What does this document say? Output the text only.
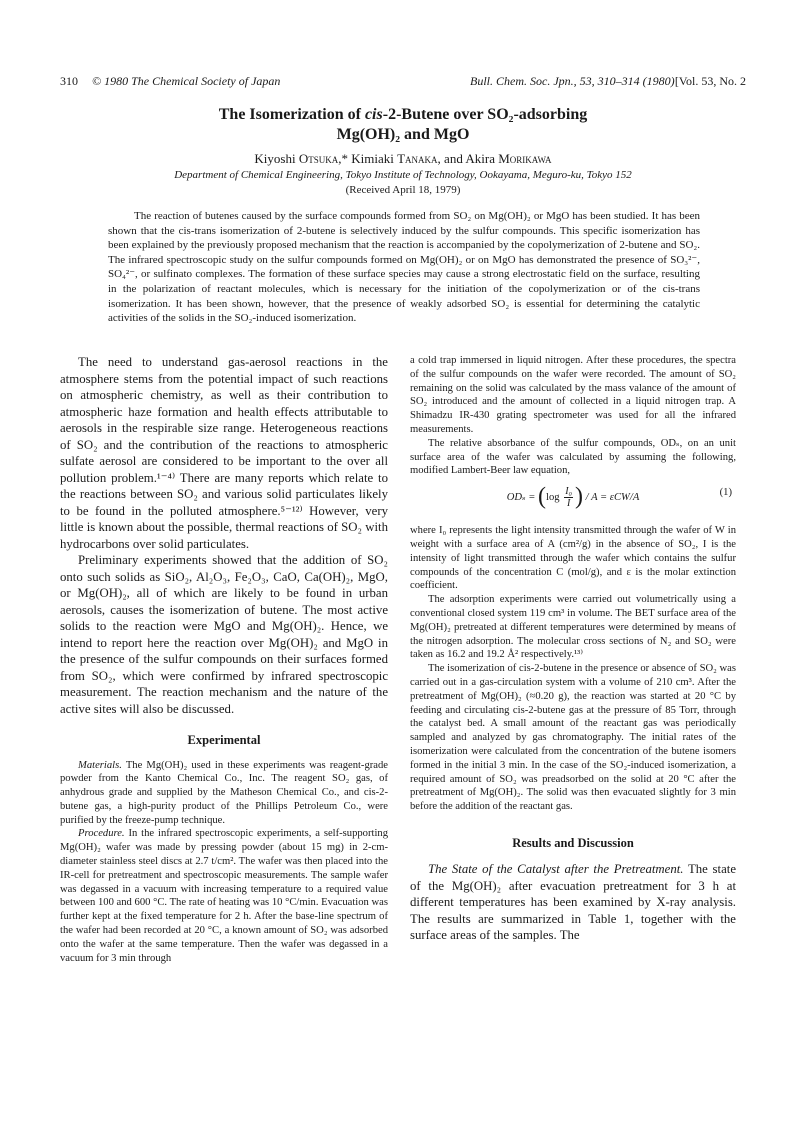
310 © 1980 The Chemical Society of Japan	Bull. Chem. Soc. Jpn., 53, 310–314 (1980) [Vol. 53, No. 2
The Isomerization of cis-2-Butene over SO₂-adsorbing
Mg(OH)₂ and MgO
Kiyoshi Otsuka,* Kimiaki Tanaka, and Akira Morikawa
Department of Chemical Engineering, Tokyo Institute of Technology, Ookayama, Meguro-ku, Tokyo 152
(Received April 18, 1979)

The reaction of butenes caused by the surface compounds formed from SO₂ on Mg(OH)₂ or MgO has been studied. It has been shown that the cis-trans isomerization of 2-butene is selectively induced by the sulfur compounds. This specific isomerization has been explained by the previously proposed mechanism that the reaction is accompanied by the copolymerization of 2-butene and SO₂. The infrared spectroscopic study on the sulfur compounds formed on Mg(OH)₂ or on MgO has demonstrated the presence of SO₃²⁻, SO₄²⁻, or sulfinato complexes. The formation of these surface species may cause a strong electrostatic field on the surface, resulting in the polarization of reactant molecules, which is necessary for the initiation of the copolymerization or of the cis-trans isomerization. It has been shown, however, that the presence of weakly adsorbed SO₂ is essential for determining the catalytic activities of the solids in the SO₂-induced isomerization.

The need to understand gas-aerosol reactions in the atmosphere stems from the potential impact of such reactions on atmospheric chemistry, as well as their contribution to atmospheric haze formation and health effects attributable to aerosols in the respirable size range. Heterogeneous reactions of SO₂ and the contribution of the reactions to atmospheric sulfate aerosol are considered to be important to the over all pollution problem.¹⁻⁴⁾ There are many reports which relate to the reactions between SO₂ and various solid particulates likely to be found in the polluted atmosphere.⁵⁻¹²⁾ However, very little is known about the possible, thermal reactions of SO₂ with hydrocarbons over solid particulates.

Preliminary experiments showed that the addition of SO₂ onto such solids as SiO₂, Al₂O₃, Fe₂O₃, CaO, Ca(OH)₂, MgO, or Mg(OH)₂, all of which are likely to be found in urban aerosols, causes the isomerization of butene. The most active solids to the reaction were MgO and Mg(OH)₂. Hence, we intend to report here the reaction over Mg(OH)₂ and MgO in the presence of the sulfur compounds on their surfaces formed from SO₂, which were confirmed by infrared spectroscopic measurement. The reaction mechanism and the nature of the active sites will also be discussed.

Experimental

Materials. The Mg(OH)₂ used in these experiments was reagent-grade powder from the Kanto Chemical Co., Inc. The reagent SO₂ gas, of anhydrous grade and supplied by the Matheson Chemical Co., and cis-2-butene gas, a high-purity product of the Phillips Petroleum Co., were purified by the freeze-pump technique.

Procedure. In the infrared spectroscopic experiments, a self-supporting Mg(OH)₂ wafer was made by pressing powder (about 15 mg) in 2-cm-diameter stainless steel discs at 2.7 t/cm². The wafer was then placed into the IR-cell for pretreatment and spectroscopic measurements. The sample wafer was degassed in a vacuum with increasing temperature to a required value between 100 and 600 °C. The rate of heating was 10 °C/min. Evacuation was further kept at the fixed temperature for 2 h. After the base-line spectrum of the wafer had been recorded at 20 °C, a known amount of SO₂ was adsorbed onto the wafer at the same temperature. Then the wafer was degassed in a vacuum for 3 min through

a cold trap immersed in liquid nitrogen. After these procedures, the spectra of the sulfur compounds on the wafer were recorded. The amount of SO₂ remaining on the solid was calculated by the mass valance of the amount of SO₂ introduced and the amount of collected in a liquid nitrogen trap. A Shimadzu IR-430 grating spectrometer was used for all the infrared measurements.

The relative absorbance of the sulfur compounds, ODₛ, on an unit surface area of the wafer was calculated by assuming the following, modified Lambert-Beer law equation,

$OD_s = (\log \frac{\text{I₀}}{I}$ ) / A = εCW/A	(1)

where I₀ represents the light intensity transmitted through the wafer of W in weight with a surface area of A (cm²/g) in the absence of SO₂, I is the intensity of light transmitted through the wafer which contains the sulfur compounds of the concentration C (mol/g), and ε is the molar extinction coefficient.

The adsorption experiments were carried out volumetrically using a conventional closed system 119 cm³ in volume. The BET surface area of the Mg(OH)₂ pretreated at different temperatures were determined by means of the nitrogen adsorption. The molecular cross sections of N₂ and SO₂ were taken as 16.2 and 19.2 Å² respectively.¹³⁾

The isomerization of cis-2-butene in the presence or absence of SO₂ was carried out in a gas-circulation system with a volume of 210 cm³. After the pretreatment of Mg(OH)₂ (≈0.20 g), the reaction was started at 20 °C by feeding and circulating cis-2-butene gas at the pressure of 85 Torr, through the catalyst bed. A small amount of the reactant gas was periodically sampled and analyzed by gas chromatography. The initial rates of the isomerization were calculated from the concentration of the butene isomers formed in the initial 3 min. In the case of the SO₂-induced isomerization, a required amount of SO₂ was preadsorbed on the solid at 20 °C after the pretreatment of Mg(OH)₂. The solid was then evacuated slightly for 3 min before the addition of the reactant gas.

Results and Discussion

The State of the Catalyst after the Pretreatment. The state of the Mg(OH)₂ after evacuation pretreatment for 3 h at different temperatures has been examined by X-ray analysis. The results are summarized in Table 1, together with the surface areas of the samples. The
